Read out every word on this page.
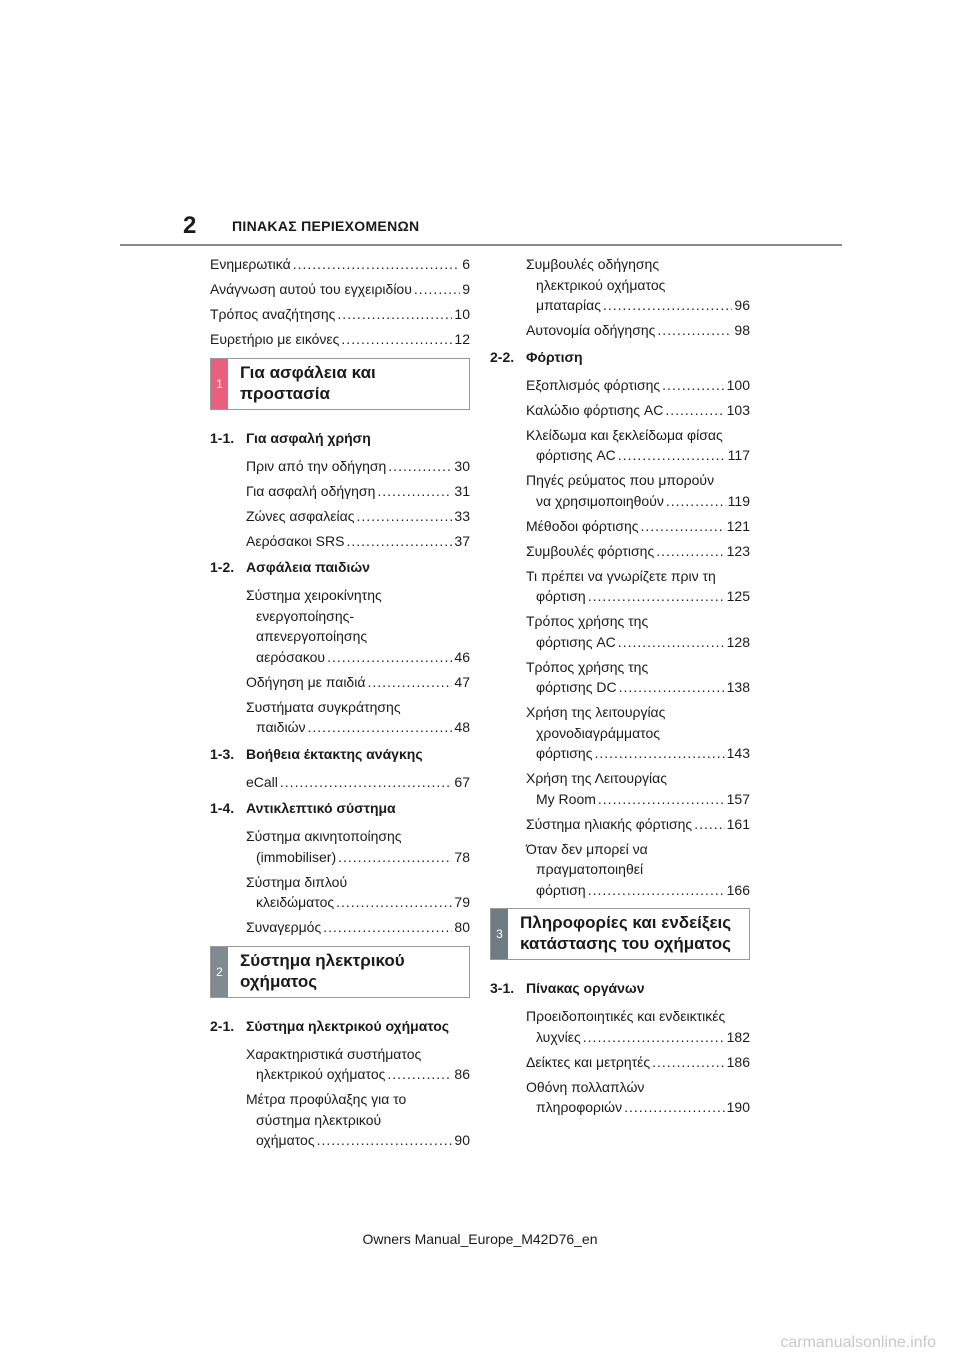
2	ΠΙΝΑΚΑΣ ΠΕΡΙΕΧΟΜΕΝΩΝ
Ενημερωτικά .....	6
Ανάγνωση αυτού του εγχειριδίου .....	9
Τρόπος αναζήτησης .....	10
Ευρετήριο με εικόνες .....	12
1
Για ασφάλεια και
προστασία
1-1. Για ασφαλή χρήση
Πριν από την οδήγηση .....	30
Για ασφαλή οδήγηση .....	31
Ζώνες ασφαλείας .....	33
Αερόσακοι SRS .....	37
1-2. Ασφάλεια παιδιών
Σύστημα χειροκίνητης
ενεργοποίησης-
απενεργοποίησης
αερόσακου .....	46
Οδήγηση με παιδιά .....	47
Συστήματα συγκράτησης
παιδιών .....	48
1-3. Βοήθεια έκτακτης ανάγκης
eCall .....	67
1-4. Αντικλεπτικό σύστημα
Σύστημα ακινητοποίησης
(immobiliser) .....	78
Σύστημα διπλού
κλειδώματος .....	79
Συναγερμός .....	80
2
Σύστημα ηλεκτρικού
οχήματος
2-1. Σύστημα ηλεκτρικού οχήματος
Χαρακτηριστικά συστήματος
ηλεκτρικού οχήματος .....	86
Μέτρα προφύλαξης για το
σύστημα ηλεκτρικού
οχήματος .....	90
Συμβουλές οδήγησης
ηλεκτρικού οχήματος
μπαταρίας .....	96
Αυτονομία οδήγησης .....	98
2-2. Φόρτιση
Εξοπλισμός φόρτισης .....	100
Καλώδιο φόρτισης AC .....	103
Κλείδωμα και ξεκλείδωμα φίσας
φόρτισης AC .....	117
Πηγές ρεύματος που μπορούν
να χρησιμοποιηθούν .....	119
Μέθοδοι φόρτισης .....	121
Συμβουλές φόρτισης .....	123
Τι πρέπει να γνωρίζετε πριν τη
φόρτιση .....	125
Τρόπος χρήσης της
φόρτισης AC .....	128
Τρόπος χρήσης της
φόρτισης DC .....	138
Χρήση της λειτουργίας
χρονοδιαγράμματος
φόρτισης .....	143
Χρήση της Λειτουργίας
My Room .....	157
Σύστημα ηλιακής φόρτισης ..... 161
Όταν δεν μπορεί να
πραγματοποιηθεί
φόρτιση .....	166
3
Πληροφορίες και ενδείξεις
κατάστασης του οχήματος
3-1. Πίνακας οργάνων
Προειδοποιητικές και ενδεικτικές
λυχνίες .....	182
Δείκτες και μετρητές .....	186
Οθόνη πολλαπλών
πληροφοριών .....	190
Owners Manual_Europe_M42D76_en
carmanualsonline.info
